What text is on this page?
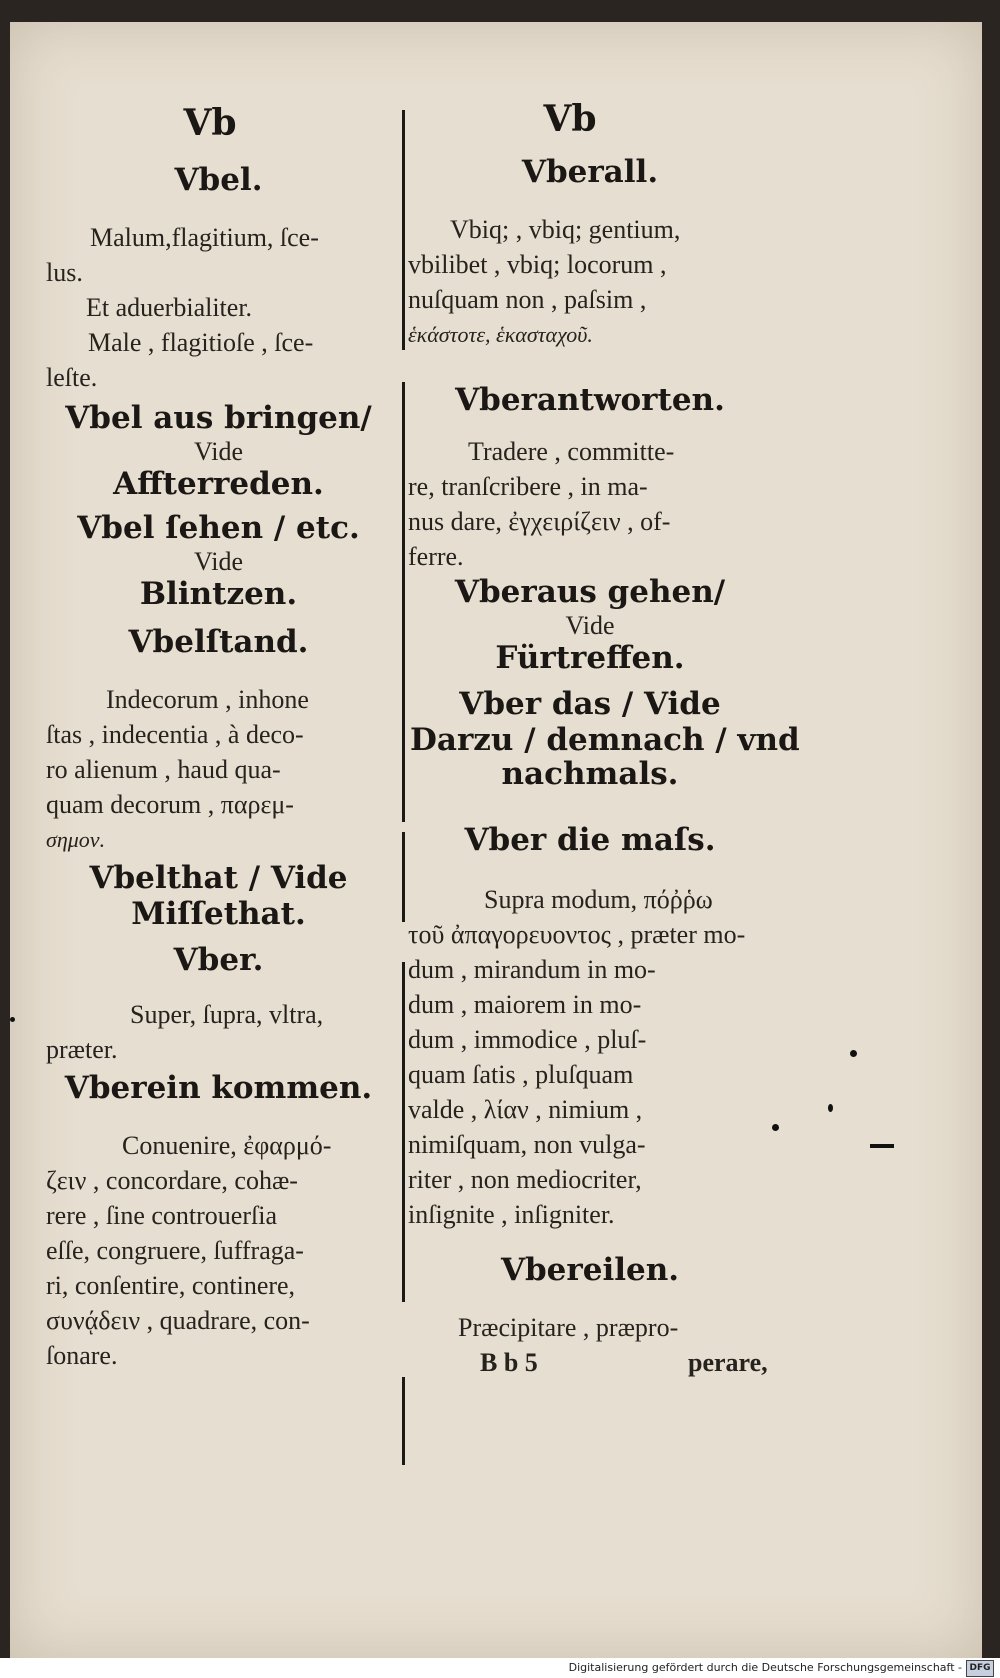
Vb
Vbel.
Malum,flagitium, ſce-
lus.
Et aduerbialiter.
Male , flagitioſe , ſce-
leſte.
Vbel aus bringen/
Vide
Affterreden.
Vbel ſehen / etc.
Vide
Blintzen.
Vbelſtand.
Indecorum , inhone
ſtas , indecentia , à deco-
ro alienum , haud qua-
quam decorum , παρεμ-
σημον.
Vbelthat / Vide
Miſſethat.
Vber.
Super, ſupra, vltra,
præter.
Vberein kommen.
Conuenire, ἐφαρμό-
ζειν , concordare, cohæ-
rere , ſine controuerſia
eſſe, congruere, ſuffraga-
ri, conſentire, continere,
συνᾴδειν , quadrare, con-
ſonare.
Vb
Vberall.
Vbiq; , vbiq; gentium,
vbilibet , vbiq; locorum ,
nuſquam non , paſsim ,
ἑκάστοτε, ἑκασταχοῦ.
Vberantworten.
Tradere , committe-
re, tranſcribere , in ma-
nus dare, ἐγχειρίζειν , of-
ferre.
Vberaus gehen/
Vide
Fürtreffen.
Vber das / Vide
Darzu / demnach / vnd
nachmals.
Vber die maſs.
Supra modum, πόῤῥω
τοῦ ἀπαγορευοντος , præter mo-
dum , mirandum in mo-
dum , maiorem in mo-
dum , immodice , pluſ-
quam ſatis , pluſquam
valde , λίαν , nimium ,
nimiſquam, non vulga-
riter , non mediocriter,
inſignite , inſigniter.
Vbereilen.
Præcipitare , præpro-
B b 5	perare,
Digitalisierung gefördert durch die Deutsche Forschungsgemeinschaft - DFG
